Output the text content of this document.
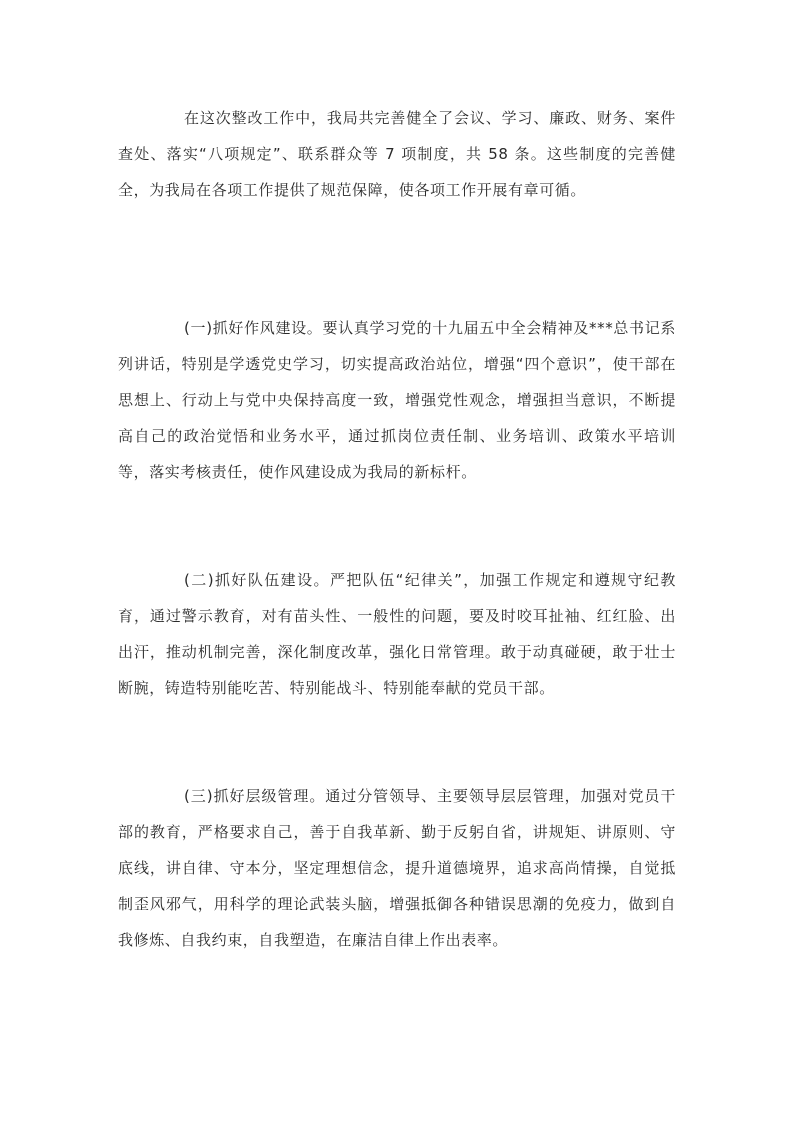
在这次整改工作中，我局共完善健全了会议、学习、廉政、财务、案件查处、落实“八项规定”、联系群众等 7 项制度，共 58 条。这些制度的完善健全，为我局在各项工作提供了规范保障，使各项工作开展有章可循。

(一)抓好作风建设。要认真学习党的十九届五中全会精神及***总书记系列讲话，特别是学透党史学习，切实提高政治站位，增强“四个意识”，使干部在思想上、行动上与党中央保持高度一致，增强党性观念，增强担当意识，不断提高自己的政治觉悟和业务水平，通过抓岗位责任制、业务培训、政策水平培训等，落实考核责任，使作风建设成为我局的新标杆。

(二)抓好队伍建设。严把队伍“纪律关”，加强工作规定和遵规守纪教育，通过警示教育，对有苗头性、一般性的问题，要及时咬耳扯袖、红红脸、出出汗，推动机制完善，深化制度改革，强化日常管理。敢于动真碰硬，敢于壮士断腕，铸造特别能吃苦、特别能战斗、特别能奉献的党员干部。

(三)抓好层级管理。通过分管领导、主要领导层层管理，加强对党员干部的教育，严格要求自己，善于自我革新、勤于反躬自省，讲规矩、讲原则、守底线，讲自律、守本分，坚定理想信念，提升道德境界，追求高尚情操，自觉抵制歪风邪气，用科学的理论武装头脑，增强抵御各种错误思潮的免疫力，做到自我修炼、自我约束，自我塑造，在廉洁自律上作出表率。
